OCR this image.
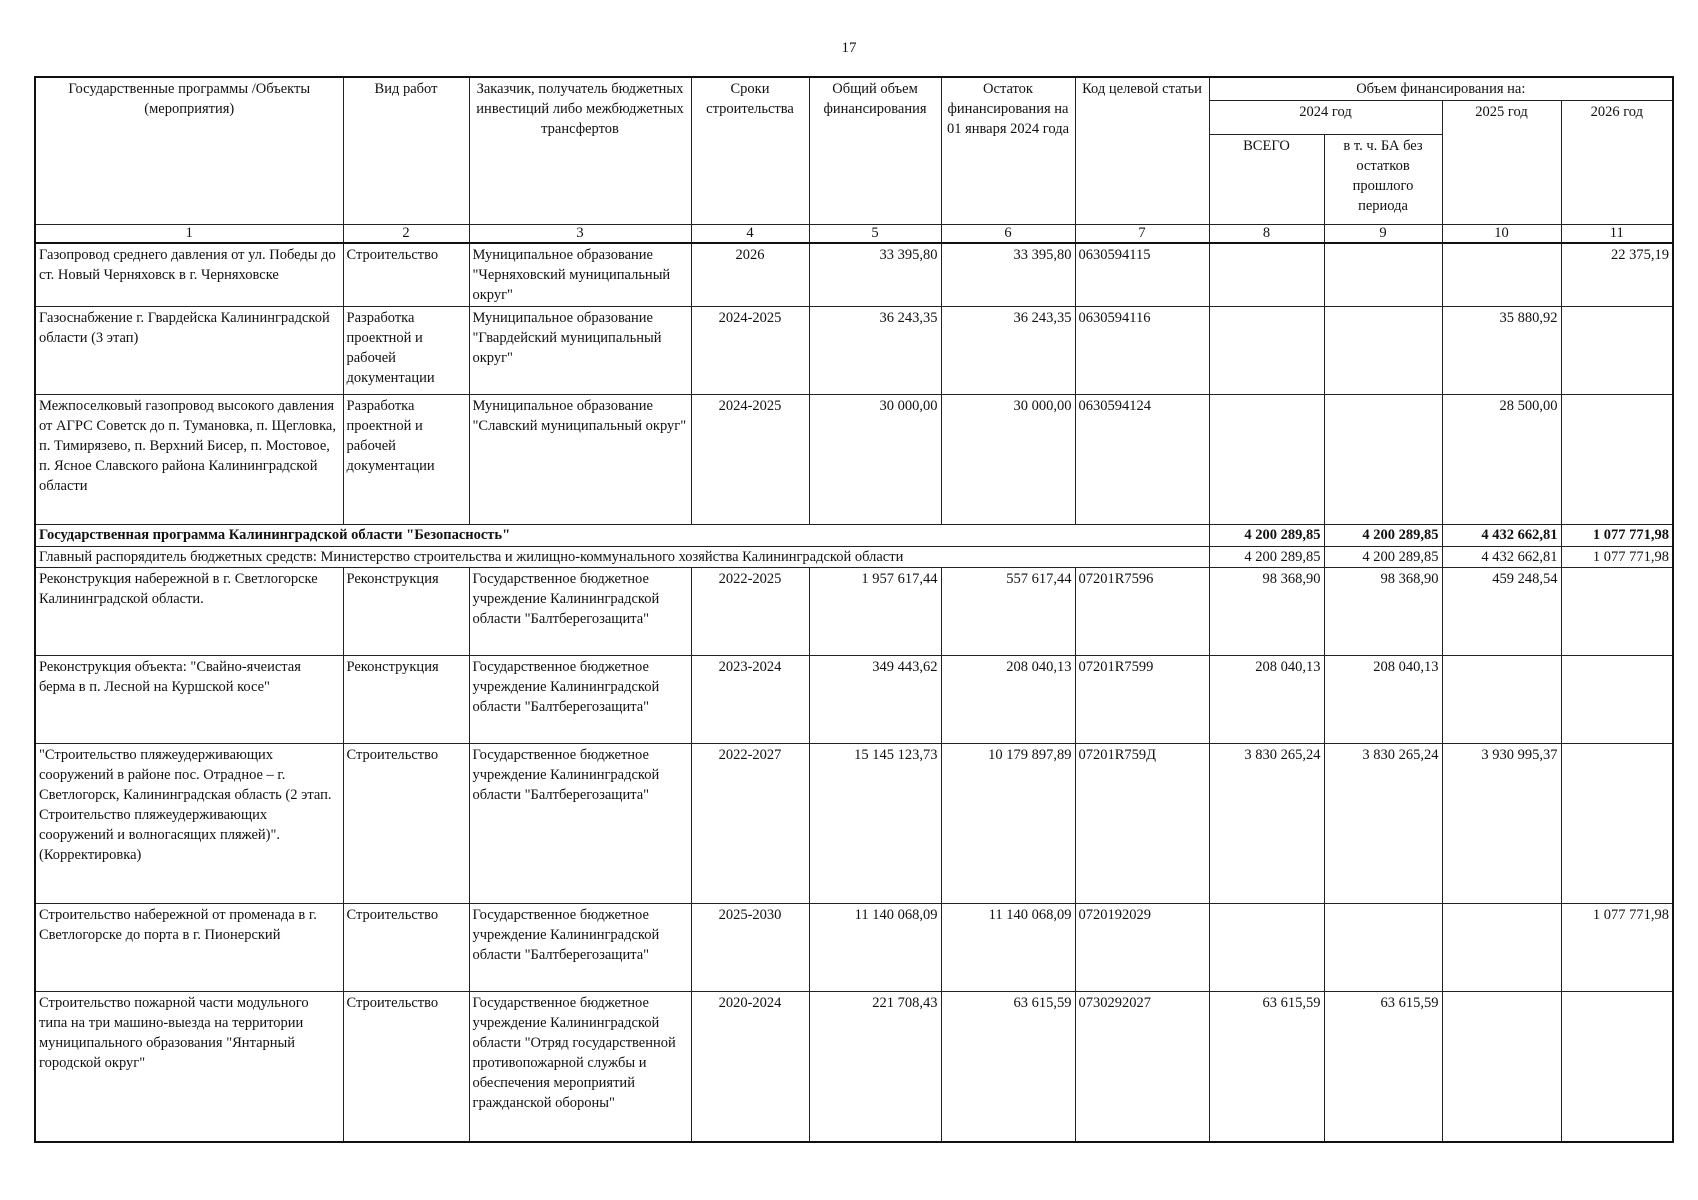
17
Государственные программы /Объекты (мероприятия)	Вид работ	Заказчик, получатель бюджетных инвестиций либо межбюджетных трансфертов	Сроки строительства	Общий объем финансирования	Остаток финансирования на 01 января 2024 года	Код целевой статьи	Объем финансирования на:			
							2024 год		2025 год	2026 год
							ВСЕГО	в т. ч. БА без остатков прошлого периода		
1	2	3	4	5	6	7	8	9	10	11
Газопровод среднего давления от ул. Победы до ст. Новый Черняховск в г. Черняховске	Строительство	Муниципальное образование "Черняховский муниципальный округ"	2026	33 395,80	33 395,80	0630594115				22 375,19
Газоснабжение г. Гвардейска Калининградской области (3 этап)	Разработка проектной и рабочей документации	Муниципальное образование "Гвардейский муниципальный округ"	2024-2025	36 243,35	36 243,35	0630594116			35 880,92	
Межпоселковый газопровод высокого давления от АГРС Советск до п. Тумановка, п. Щегловка, п. Тимирязево, п. Верхний Бисер, п. Мостовое, п. Ясное Славского района Калининградской области	Разработка проектной и рабочей документации	Муниципальное образование "Славский муниципальный округ"	2024-2025	30 000,00	30 000,00	0630594124			28 500,00	
Государственная программа Калининградской области "Безопасность"							4 200 289,85	4 200 289,85	4 432 662,81	1 077 771,98
Главный распорядитель бюджетных средств: Министерство строительства и жилищно-коммунального хозяйства Калининградской области							4 200 289,85	4 200 289,85	4 432 662,81	1 077 771,98
Реконструкция набережной в г. Светлогорске Калининградской области.	Реконструкция	Государственное бюджетное учреждение Калининградской области "Балтберегозащита"	2022-2025	1 957 617,44	557 617,44	07201R7596	98 368,90	98 368,90	459 248,54	
Реконструкция объекта: "Свайно-ячеистая берма в п. Лесной на Куршской косе"	Реконструкция	Государственное бюджетное учреждение Калининградской области "Балтберегозащита"	2023-2024	349 443,62	208 040,13	07201R7599	208 040,13	208 040,13		
"Строительство пляжеудерживающих сооружений в районе пос. Отрадное – г. Светлогорск, Калининградская область (2 этап. Строительство пляжеудерживающих сооружений и волногасящих пляжей)". (Корректировка)	Строительство	Государственное бюджетное учреждение Калининградской области "Балтберегозащита"	2022-2027	15 145 123,73	10 179 897,89	07201R759Д	3 830 265,24	3 830 265,24	3 930 995,37	
Строительство набережной от променада в г. Светлогорске до порта в г. Пионерский	Строительство	Государственное бюджетное учреждение Калининградской области "Балтберегозащита"	2025-2030	11 140 068,09	11 140 068,09	0720192029				1 077 771,98
Строительство пожарной части модульного типа на три машино-выезда на территории муниципального образования "Янтарный городской округ"	Строительство	Государственное бюджетное учреждение Калининградской области "Отряд государственной противопожарной службы и обеспечения мероприятий гражданской обороны"	2020-2024	221 708,43	63 615,59	0730292027	63 615,59	63 615,59		
